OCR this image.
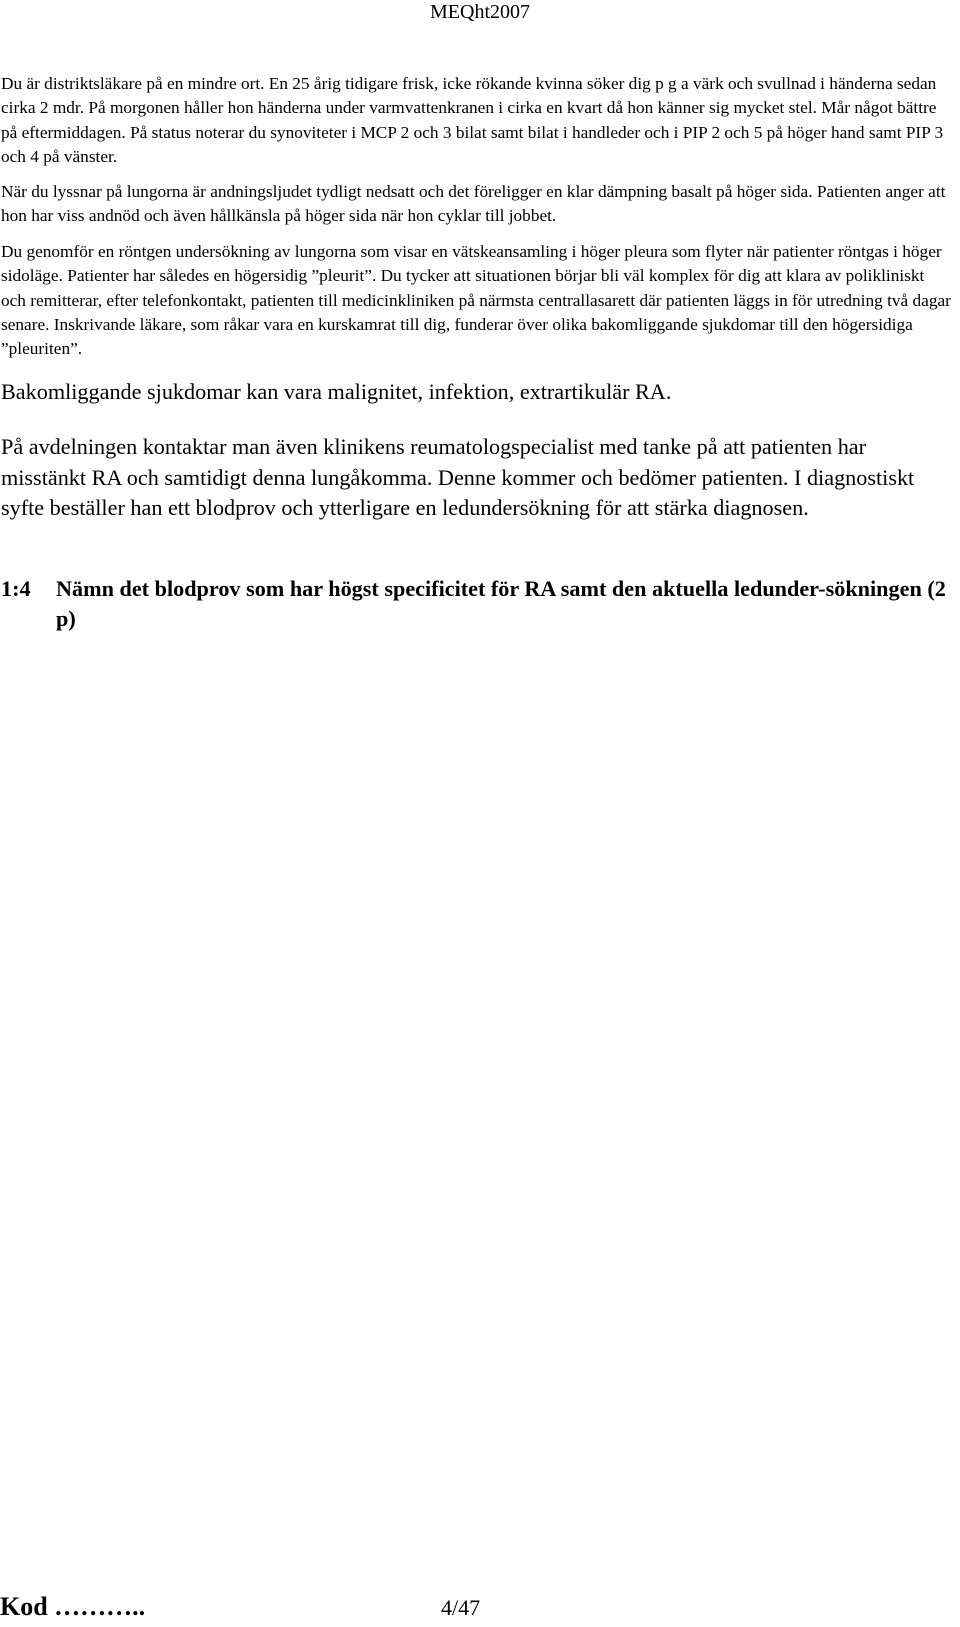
MEQht2007

Du är distriktsläkare på en mindre ort. En 25 årig tidigare frisk, icke rökande kvinna söker dig p g a värk och svullnad i händerna sedan cirka 2 mdr. På morgonen håller hon händerna under varmvattenkranen i cirka en kvart då hon känner sig mycket stel. Mår något bättre på eftermiddagen. På status noterar du synoviteter i MCP 2 och 3 bilat samt bilat i handleder och i PIP 2 och 5 på höger hand samt PIP 3 och 4 på vänster.

När du lyssnar på lungorna är andningsljudet tydligt nedsatt och det föreligger en klar dämpning basalt på höger sida. Patienten anger att hon har viss andnöd och även hållkänsla på höger sida när hon cyklar till jobbet.

Du genomför en röntgen undersökning av lungorna som visar en vätskeansamling i höger pleura som flyter när patienter röntgas i höger sidoläge. Patienter har således en högersidig ”pleurit”. Du tycker att situationen börjar bli väl komplex för dig att klara av polikliniskt och remitterar, efter telefonkontakt, patienten till medicinkliniken på närmsta centrallasarett där patienten läggs in för utredning två dagar senare. Inskrivande läkare, som råkar vara en kurskamrat till dig, funderar över olika bakomliggande sjukdomar till den högersidiga ”pleuriten”.

Bakomliggande sjukdomar kan vara malignitet, infektion, extrartikulär RA.

På avdelningen kontaktar man även klinikens reumatologspecialist med tanke på att patienten har misstänkt RA och samtidigt denna lungåkomma. Denne kommer och bedömer patienten. I diagnostiskt syfte beställer han ett blodprov och ytterligare en ledundersökning för att stärka diagnosen.

1:4	Nämn det blodprov som har högst specificitet för RA samt den aktuella ledunder-sökningen (2 p)
Kod ………..	4/47
